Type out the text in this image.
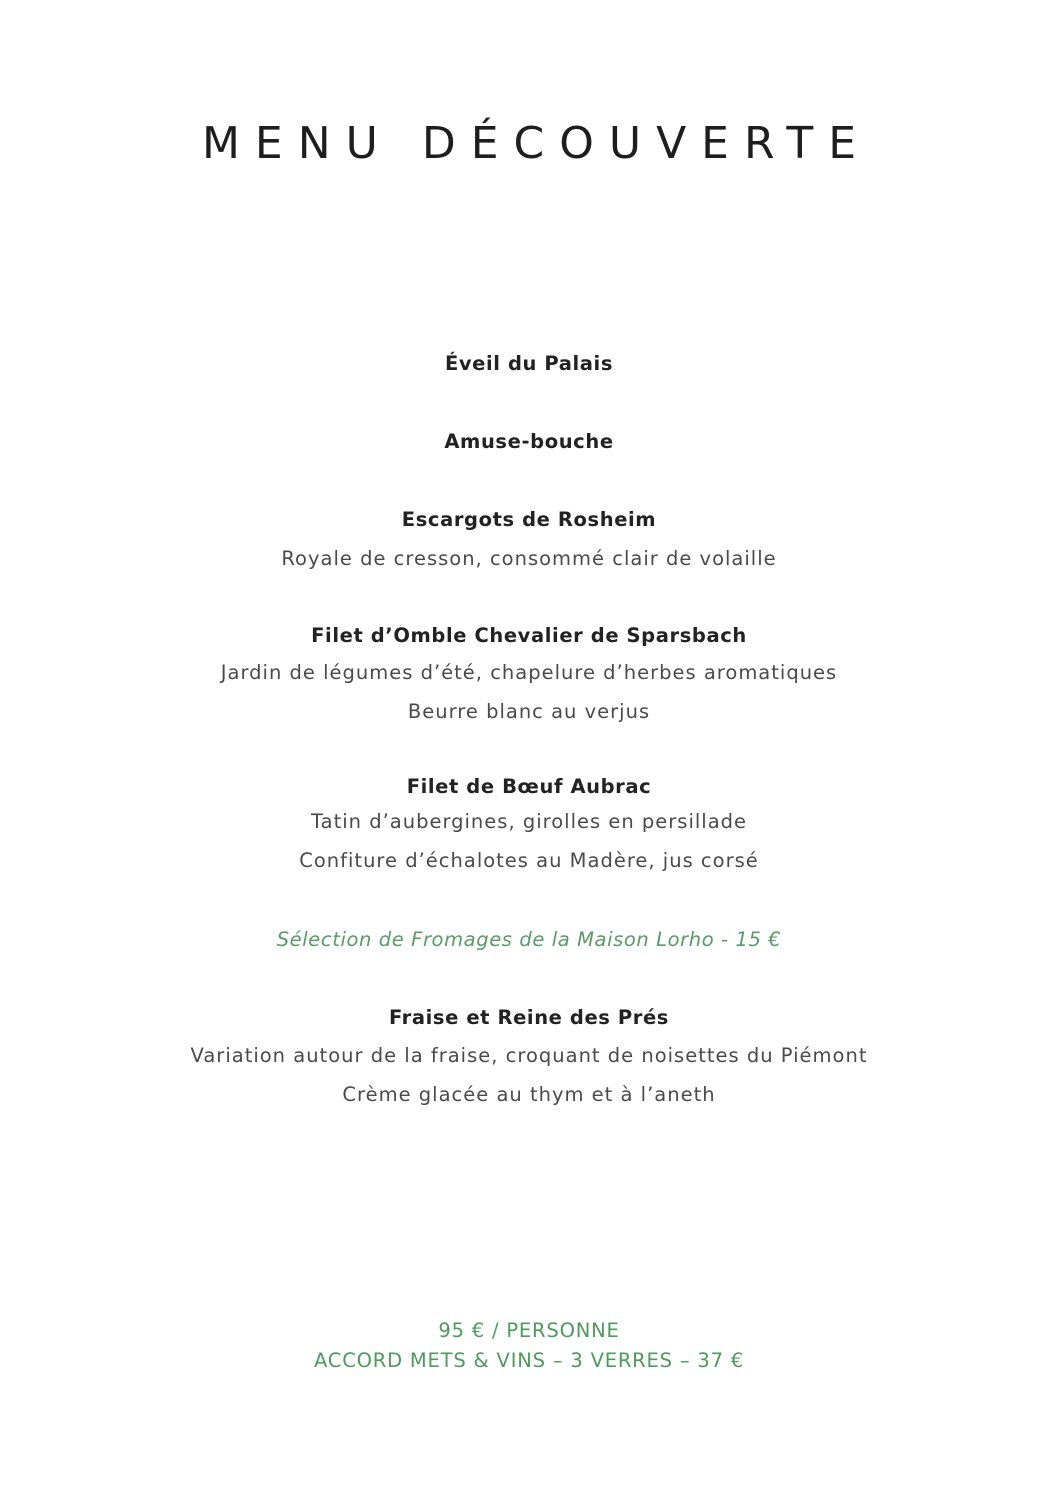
MENU DÉCOUVERTE

Éveil du Palais

Amuse-bouche

Escargots de Rosheim

Royale de cresson, consommé clair de volaille

Filet d’Omble Chevalier de Sparsbach

Jardin de légumes d’été, chapelure d’herbes aromatiques

Beurre blanc au verjus

Filet de Bœuf Aubrac

Tatin d’aubergines, girolles en persillade

Confiture d’échalotes au Madère, jus corsé

Sélection de Fromages de la Maison Lorho - 15 €

Fraise et Reine des Prés

Variation autour de la fraise, croquant de noisettes du Piémont

Crème glacée au thym et à l’aneth

95 € / PERSONNE

ACCORD METS & VINS – 3 VERRES – 37 €
